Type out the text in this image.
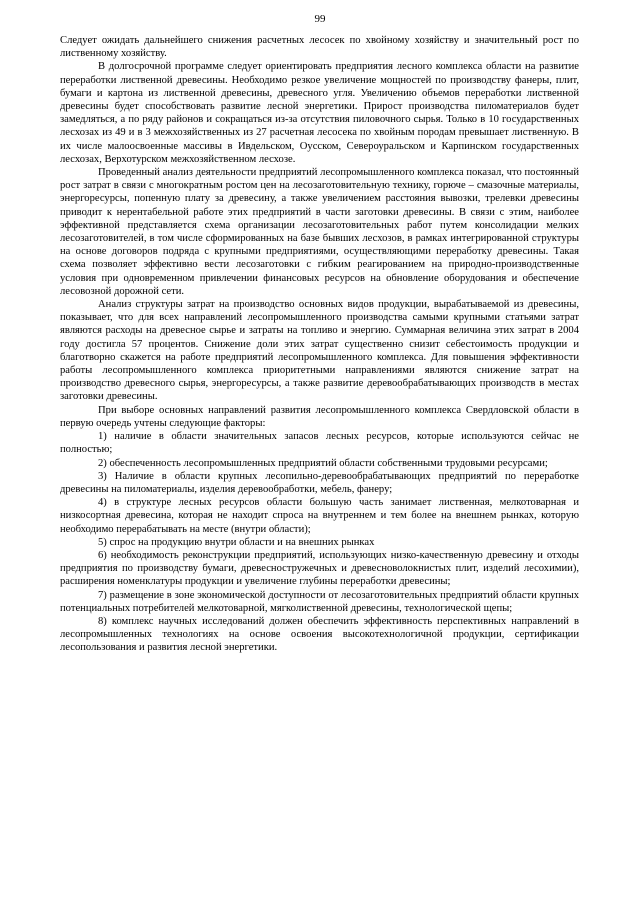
99

Следует ожидать дальнейшего снижения расчетных лесосек по хвойному хозяйству и значительный рост по лиственному хозяйству.

В долгосрочной программе следует ориентировать предприятия лесного комплекса области на развитие переработки лиственной древесины. Необходимо резкое увеличение мощностей по производству фанеры, плит, бумаги и картона из лиственной древесины, древесного угля. Увеличению объемов переработки лиственной древесины будет способствовать развитие лесной энергетики. Прирост производства пиломатериалов будет замедляться, а по ряду районов и сокращаться из-за отсутствия пиловочного сырья. Только в 10 государственных лесхозах из 49 и в 3 межхозяйственных из 27 расчетная лесосека по хвойным породам превышает лиственную. В их числе малоосвоенные массивы в Ивдельском, Оусском, Североуральском и Карпинском государственных лесхозах, Верхотурском межхозяйственном лесхозе.

Проведенный анализ деятельности предприятий лесопромышленного комплекса показал, что постоянный рост затрат в связи с многократным ростом цен на лесозаготовительную технику, горюче – смазочные материалы, энергоресурсы, попенную плату за древесину, а также увеличением расстояния вывозки, трелевки древесины приводит к нерентабельной работе этих предприятий в части заготовки древесины. В связи с этим, наиболее эффективной представляется схема организации лесозаготовительных работ путем консолидации мелких лесозаготовителей, в том числе сформированных на базе бывших лесхозов, в рамках интегрированной структуры на основе договоров подряда с крупными предприятиями, осуществляющими переработку древесины. Такая схема позволяет эффективно вести лесозаготовки с гибким реагированием на природно-производственные условия при одновременном привлечении финансовых ресурсов на обновление оборудования и обеспечение лесовозной дорожной сети.

Анализ структуры затрат на производство основных видов продукции, вырабатываемой из древесины, показывает, что для всех направлений лесопромышленного производства самыми крупными статьями затрат являются расходы на древесное сырье и затраты на топливо и энергию. Суммарная величина этих затрат в 2004 году достигла 57 процентов. Снижение доли этих затрат существенно снизит себестоимость продукции и благотворно скажется на работе предприятий лесопромышленного комплекса. Для повышения эффективности работы лесопромышленного комплекса приоритетными направлениями являются снижение затрат на производство древесного сырья, энергоресурсы, а также развитие деревообрабатывающих производств в местах заготовки древесины.

При выборе основных направлений развития лесопромышленного комплекса Свердловской области в первую очередь учтены следующие факторы:

1) наличие в области значительных запасов лесных ресурсов, которые используются сейчас не полностью;

2) обеспеченность лесопромышленных предприятий области собственными трудовыми ресурсами;

3) Наличие в области крупных лесопильно-деревообрабатывающих предприятий по переработке древесины на пиломатериалы, изделия деревообработки, мебель, фанеру;

4) в структуре лесных ресурсов области большую часть занимает лиственная, мелкотоварная и низкосортная древесина, которая не находит спроса на внутреннем и тем более на внешнем рынках, которую необходимо перерабатывать на месте (внутри области);

5) спрос на продукцию внутри области и на внешних рынках

6) необходимость реконструкции предприятий, использующих низко-качественную древесину и отходы предприятия по производству бумаги, древесностружечных и древесноволокнистых плит, изделий лесохимии), расширения номенклатуры продукции и увеличение глубины переработки древесины;

7) размещение в зоне экономической доступности от лесозаготовительных предприятий области крупных потенциальных потребителей мелкотоварной, мягколиственной древесины, технологической щепы;

8) комплекс научных исследований должен обеспечить эффективность перспективных направлений в лесопромышленных технологиях на основе освоения высокотехнологичной продукции, сертификации лесопользования и развития лесной энергетики.
